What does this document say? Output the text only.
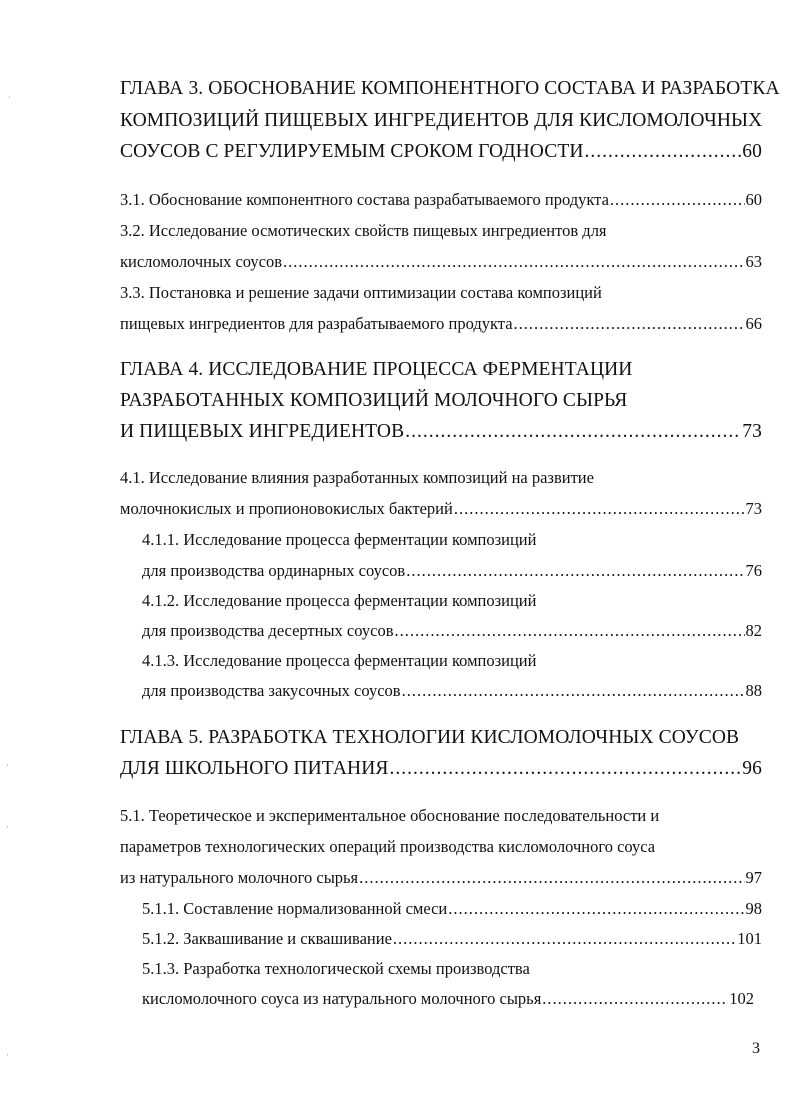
ГЛАВА 3. ОБОСНОВАНИЕ КОМПОНЕНТНОГО СОСТАВА И РАЗРАБОТКА
КОМПОЗИЦИЙ ПИЩЕВЫХ ИНГРЕДИЕНТОВ ДЛЯ КИСЛОМОЛОЧНЫХ
СОУСОВ С РЕГУЛИРУЕМЫМ СРОКОМ ГОДНОСТИ .....	60
3.1. Обоснование компонентного состава разрабатываемого продукта .....	60
3.2. Исследование осмотических свойств пищевых ингредиентов для
кисломолочных соусов .....	63
3.3. Постановка и решение задачи оптимизации состава композиций
пищевых ингредиентов для разрабатываемого продукта .....	66
ГЛАВА 4. ИССЛЕДОВАНИЕ ПРОЦЕССА ФЕРМЕНТАЦИИ
РАЗРАБОТАННЫХ КОМПОЗИЦИЙ МОЛОЧНОГО СЫРЬЯ
И ПИЩЕВЫХ ИНГРЕДИЕНТОВ .....	73
4.1. Исследование влияния разработанных композиций на развитие
молочнокислых и пропионовокислых бактерий .....	73
4.1.1. Исследование процесса ферментации композиций
для производства ординарных соусов .....	76
4.1.2. Исследование процесса ферментации композиций
для производства десертных соусов .....	82
4.1.3. Исследование процесса ферментации композиций
для производства закусочных соусов .....	88
ГЛАВА 5. РАЗРАБОТКА ТЕХНОЛОГИИ КИСЛОМОЛОЧНЫХ СОУСОВ
ДЛЯ ШКОЛЬНОГО ПИТАНИЯ .....	96
5.1. Теоретическое и экспериментальное обоснование последовательности и
параметров технологических операций производства кисломолочного соуса
из натурального молочного сырья .....	97
5.1.1. Составление нормализованной смеси .....	98
5.1.2. Заквашивание и сквашивание .....	101
5.1.3. Разработка технологической схемы производства
кисломолочного соуса из натурального молочного сырья .....	102
3
·
·
·
·
